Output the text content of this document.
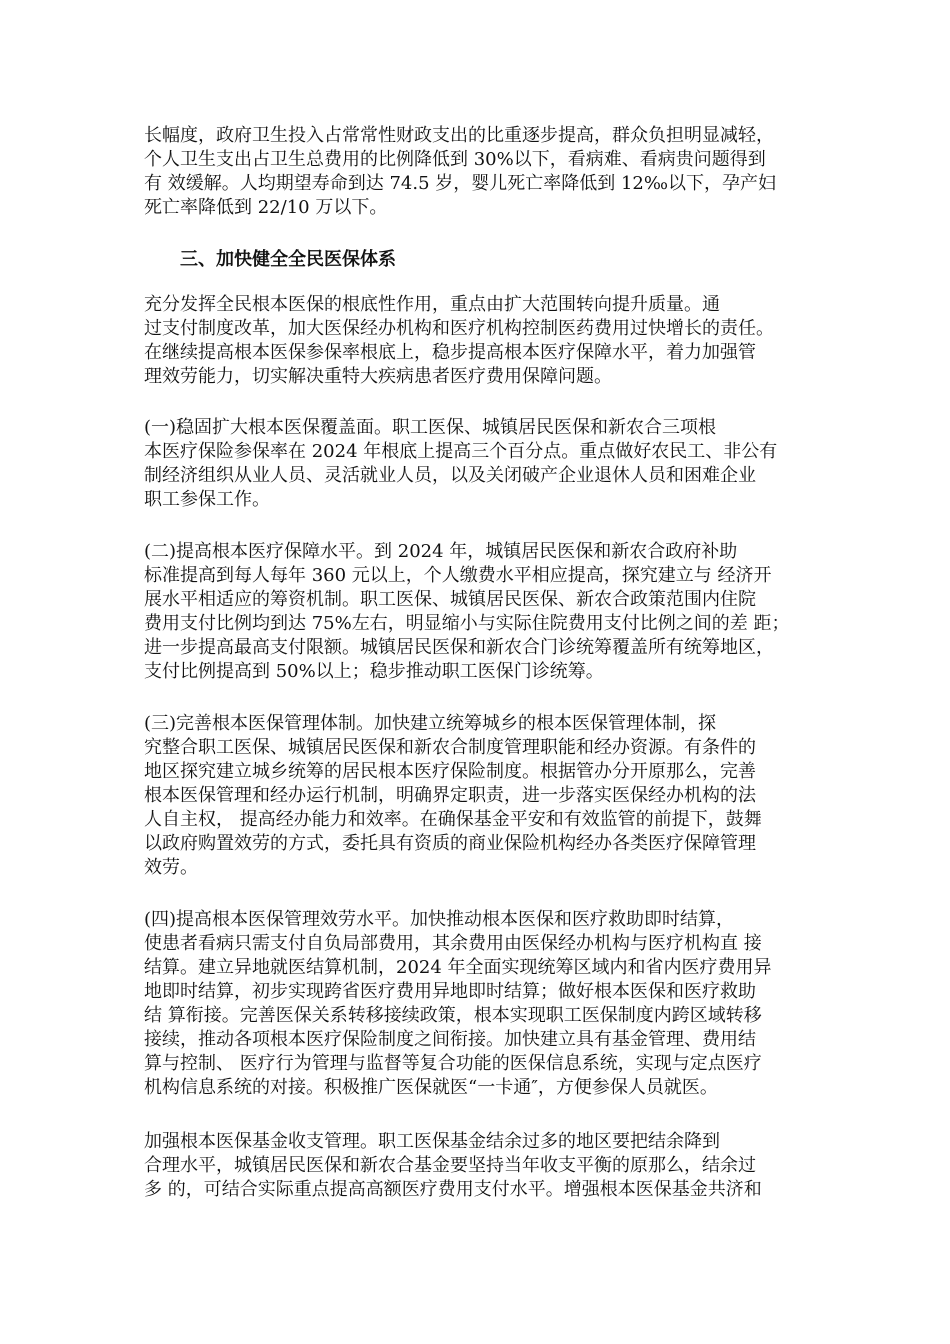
长幅度，政府卫生投入占常常性财政支出的比重逐步提高，群众负担明显减轻，
个人卫生支出占卫生总费用的比例降低到 30%以下，看病难、看病贵问题得到
有 效缓解。人均期望寿命到达 74.5 岁，婴儿死亡率降低到 12‰以下，孕产妇
死亡率降低到 22/10 万以下。
三、加快健全全民医保体系
充分发挥全民根本医保的根底性作用，重点由扩大范围转向提升质量。通
过支付制度改革，加大医保经办机构和医疗机构控制医药费用过快增长的责任。
在继续提高根本医保参保率根底上，稳步提高根本医疗保障水平，着力加强管
理效劳能力，切实解决重特大疾病患者医疗费用保障问题。
(一)稳固扩大根本医保覆盖面。职工医保、城镇居民医保和新农合三项根
本医疗保险参保率在 2024 年根底上提高三个百分点。重点做好农民工、非公有
制经济组织从业人员、灵活就业人员，以及关闭破产企业退休人员和困难企业
职工参保工作。
(二)提高根本医疗保障水平。到 2024 年，城镇居民医保和新农合政府补助
标准提高到每人每年 360 元以上，个人缴费水平相应提高，探究建立与 经济开
展水平相适应的筹资机制。职工医保、城镇居民医保、新农合政策范围内住院
费用支付比例均到达 75%左右，明显缩小与实际住院费用支付比例之间的差 距；
进一步提高最高支付限额。城镇居民医保和新农合门诊统筹覆盖所有统筹地区，
支付比例提高到 50%以上；稳步推动职工医保门诊统筹。
(三)完善根本医保管理体制。加快建立统筹城乡的根本医保管理体制，探
究整合职工医保、城镇居民医保和新农合制度管理职能和经办资源。有条件的
地区探究建立城乡统筹的居民根本医疗保险制度。根据管办分开原那么，完善
根本医保管理和经办运行机制，明确界定职责，进一步落实医保经办机构的法
人自主权， 提高经办能力和效率。在确保基金平安和有效监管的前提下，鼓舞
以政府购置效劳的方式，委托具有资质的商业保险机构经办各类医疗保障管理
效劳。
(四)提高根本医保管理效劳水平。加快推动根本医保和医疗救助即时结算，
使患者看病只需支付自负局部费用，其余费用由医保经办机构与医疗机构直 接
结算。建立异地就医结算机制，2024 年全面实现统筹区域内和省内医疗费用异
地即时结算，初步实现跨省医疗费用异地即时结算；做好根本医保和医疗救助
结 算衔接。完善医保关系转移接续政策，根本实现职工医保制度内跨区域转移
接续，推动各项根本医疗保险制度之间衔接。加快建立具有基金管理、费用结
算与控制、 医疗行为管理与监督等复合功能的医保信息系统，实现与定点医疗
机构信息系统的对接。积极推广医保就医“一卡通″，方便参保人员就医。
加强根本医保基金收支管理。职工医保基金结余过多的地区要把结余降到
合理水平，城镇居民医保和新农合基金要坚持当年收支平衡的原那么，结余过
多 的，可结合实际重点提高高额医疗费用支付水平。增强根本医保基金共济和
